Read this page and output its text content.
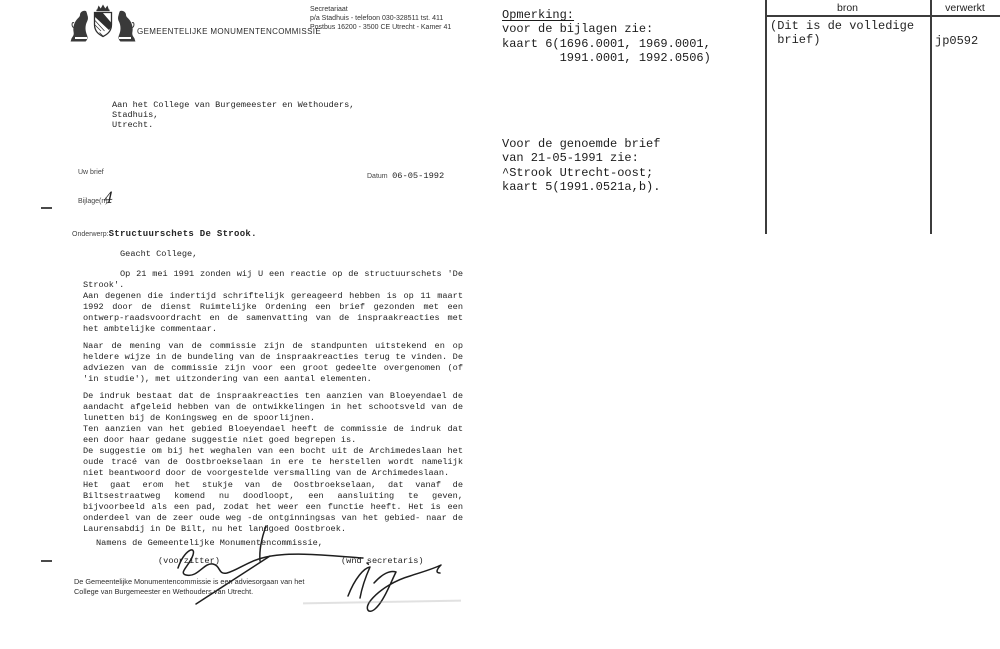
GEMEENTELIJKE MONUMENTENCOMMISSIE
Secretariaat
p/a Stadhuis - telefoon 030-328511 tst. 411
Postbus 16200 - 3500 CE Utrecht - Kamer 41
Opmerking:
voor de bijlagen zie:
kaart 6(1696.0001, 1969.0001,
1991.0001, 1992.0506)
Voor de genoemde brief
van 21-05-1991 zie:
^Strook Utrecht-oost;
kaart 5(1991.0521a,b).
bron	verwerkt
(Dit is de volledige
brief)	jp0592
Aan het College van Burgemeester en Wethouders,
Stadhuis,
Utrecht.
Uw brief
Datum 06-05-1992
Bijlage(n)
4
Onderwerp:Structuurschets De Strook.
Geacht College,
Op 21 mei 1991 zonden wij U een reactie op de structuurschets 'De Strook'.
Aan degenen die indertijd schriftelijk gereageerd hebben is op 11 maart 1992 door de dienst Ruimtelijke Ordening een brief gezonden met een ontwerp-raadsvoordracht en de samenvatting van de inspraakreacties met het ambtelijke commentaar.
Naar de mening van de commissie zijn de standpunten uitstekend en op heldere wijze in de bundeling van de inspraakreacties terug te vinden. De adviezen van de commissie zijn voor een groot gedeelte overgenomen (of 'in studie'), met uitzondering van een aantal elementen.
De indruk bestaat dat de inspraakreacties ten aanzien van Bloeyendael de aandacht afgeleid hebben van de ontwikkelingen in het schootsveld van de lunetten bij de Koningsweg en de spoorlijnen.
Ten aanzien van het gebied Bloeyendael heeft de commissie de indruk dat een door haar gedane suggestie niet goed begrepen is.
De suggestie om bij het weghalen van een bocht uit de Archimedeslaan het oude tracé van de Oostbroekselaan in ere te herstellen wordt namelijk niet beantwoord door de voorgestelde versmalling van de Archimedeslaan.
Het gaat erom het stukje van de Oostbroekselaan, dat vanaf de Biltsestraatweg komend nu doodloopt, een aansluiting te geven, bijvoorbeeld als een pad, zodat het weer een functie heeft. Het is een onderdeel van de zeer oude weg -de ontginningsas van het gebied- naar de Laurensabdij in De Bilt, nu het landgoed Oostbroek.
Namens de Gemeentelijke Monumentencommissie,
(voorzitter)	(wnd secretaris)
De Gemeentelijke Monumentencommissie is een adviesorgaan van het
College van Burgemeester en Wethouders van Utrecht.
